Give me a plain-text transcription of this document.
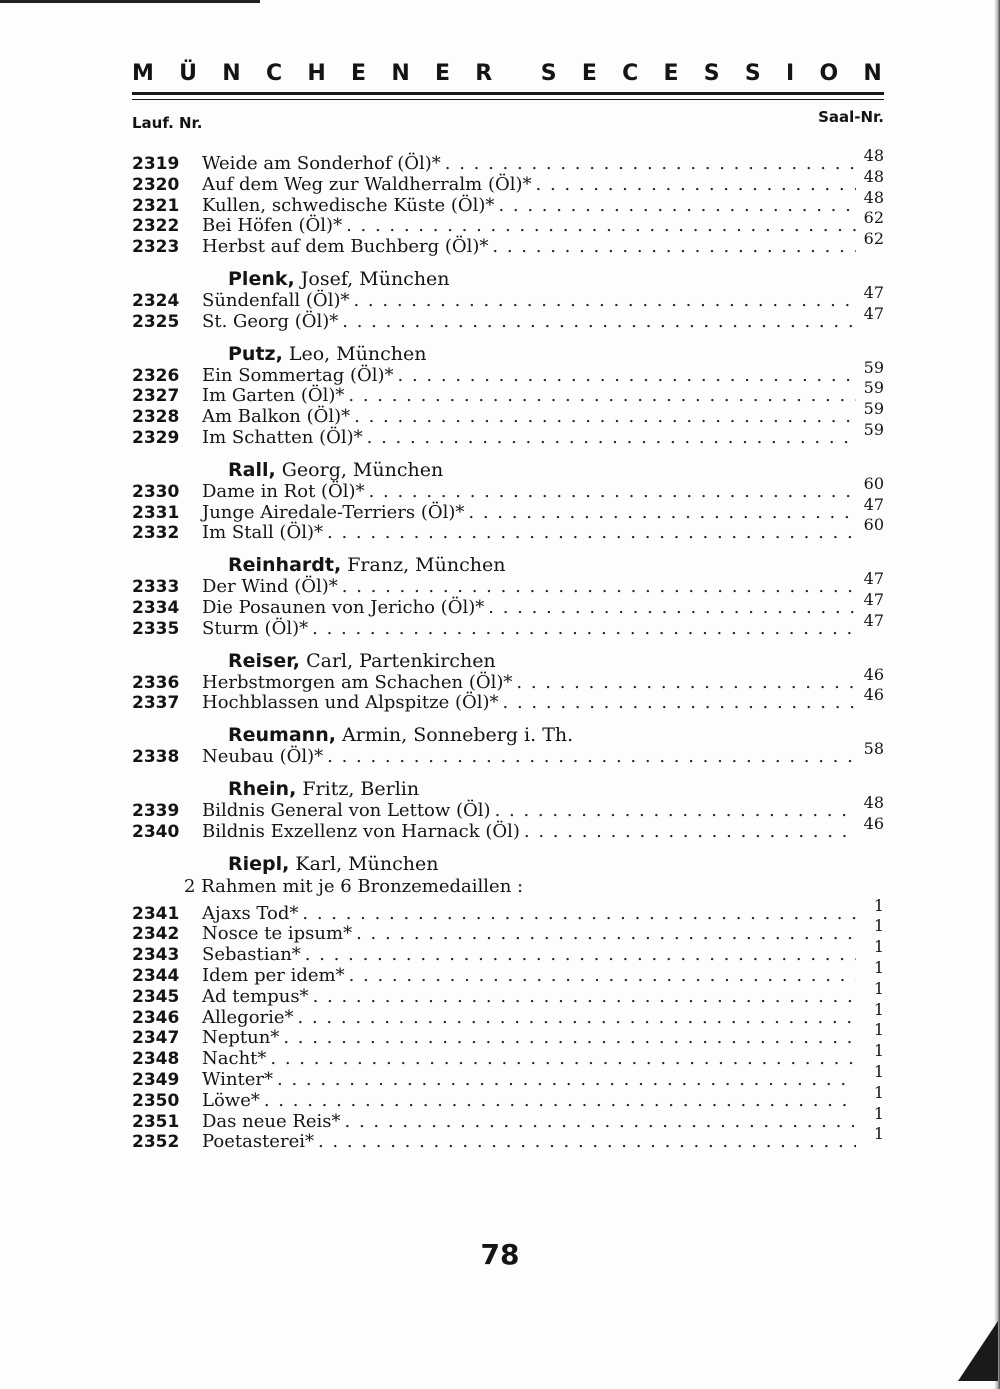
M Ü N C H E N E R S E C E S S I O N
Lauf. Nr.	Saal-Nr.
2319	Weide am Sonderhof (Öl)* . . .	48
2320	Auf dem Weg zur Waldherralm (Öl)* . . .	48
2321	Kullen, schwedische Küste (Öl)* . . .	48
2322	Bei Höfen (Öl)* . . .	62
2323	Herbst auf dem Buchberg (Öl)* . . .	62
Plenk, Josef, München
2324	Sündenfall (Öl)* . . .	47
2325	St. Georg (Öl)* . . .	47
Putz, Leo, München
2326	Ein Sommertag (Öl)* . . .	59
2327	Im Garten (Öl)* . . .	59
2328	Am Balkon (Öl)* . . .	59
2329	Im Schatten (Öl)* . . .	59
Rall, Georg, München
2330	Dame in Rot (Öl)* . . .	60
2331	Junge Airedale-Terriers (Öl)* . . .	47
2332	Im Stall (Öl)* . . .	60
Reinhardt, Franz, München
2333	Der Wind (Öl)* . . .	47
2334	Die Posaunen von Jericho (Öl)* . . .	47
2335	Sturm (Öl)* . . .	47
Reiser, Carl, Partenkirchen
2336	Herbstmorgen am Schachen (Öl)* . . .	46
2337	Hochblassen und Alpspitze (Öl)* . . .	46
Reumann, Armin, Sonneberg i. Th.
2338	Neubau (Öl)* . . .	58
Rhein, Fritz, Berlin
2339	Bildnis General von Lettow (Öl) . . .	48
2340	Bildnis Exzellenz von Harnack (Öl) . . .	46
Riepl, Karl, München
2 Rahmen mit je 6 Bronzemedaillen :
2341	Ajaxs Tod* . . .	1
2342	Nosce te ipsum* . . .	1
2343	Sebastian* . . .	1
2344	Idem per idem* . . .	1
2345	Ad tempus* . . .	1
2346	Allegorie* . . .	1
2347	Neptun* . . .	1
2348	Nacht* . . .	1
2349	Winter* . . .	1
2350	Löwe* . . .	1
2351	Das neue Reis* . . .	1
2352	Poetasterei* . . .	1
78
